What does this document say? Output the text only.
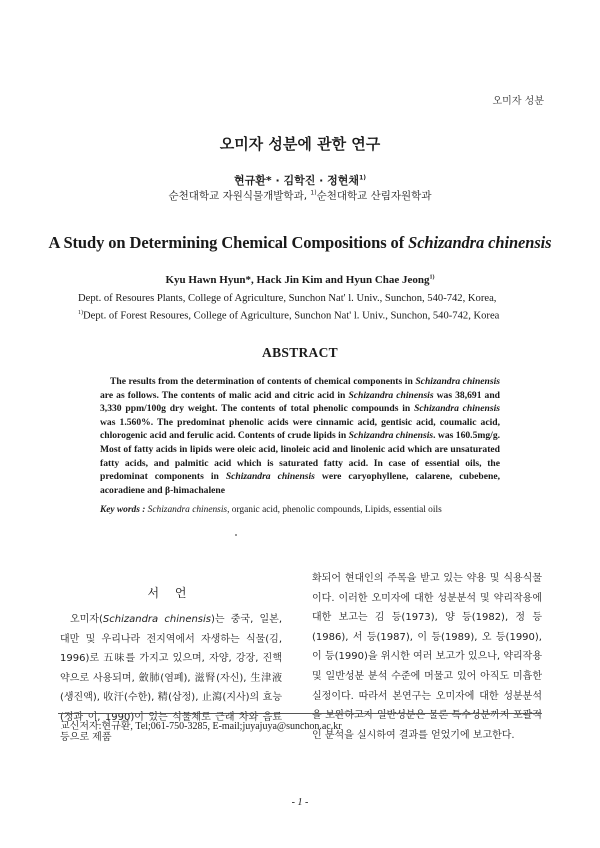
오미자 성분
오미자 성분에 관한 연구
현규환* · 김학진 · 정현채$^{1)}$
순천대학교 자원식물개발학과, $^{1)}$순천대학교 산림자원학과
A Study on Determining Chemical Compositions of Schizandra chinensis
Kyu Hawn Hyun*, Hack Jin Kim and Hyun Chae Jeong$^{1)}$
Dept. of Resoures Plants, College of Agriculture, Sunchon Nat' l. Univ., Sunchon, 540-742, Korea,
$^{1)}$Dept. of Forest Resoures, College of Agriculture, Sunchon Nat' l. Univ., Sunchon, 540-742, Korea
ABSTRACT
The results from the determination of contents of chemical components in Schizandra chinensis are as follows. The contents of malic acid and citric acid in Schizandra chinensis was 38,691 and 3,330 ppm/100g dry weight. The contents of total phenolic compounds in Schizandra chinensis was 1.560%. The predominat phenolic acids were cinnamic acid, gentisic acid, coumalic acid, chlorogenic acid and ferulic acid. Contents of crude lipids in Schizandra chinensis. was 160.5mg/g. Most of fatty acids in lipids were oleic acid, linoleic acid and linolenic acid which are unsaturated fatty acids, and palmitic acid which is saturated fatty acid. In case of essential oils, the predominat components in Schizandra chinensis were caryophyllene, calarene, cubebene, acoradiene and β-himachalene
Key words : Schizandra chinensis, organic acid, phenolic compounds, Lipids, essential oils
서 언

오미자(Schizandra chinensis)는 중국, 일본, 대만 및 우리나라 전지역에서 자생하는 식물(김, 1996)로 五味를 가지고 있으며, 자양, 강장, 진핵약으로 사용되며, 斂肺(염폐), 滋腎(자신), 生津液(생진액), 收汗(수한), 精(삽정), 止瀉(지사)의 효능(정과 이, 1990)이 있는 식물체로 근래 차와 음료 등으로 제품

화되어 현대인의 주목을 받고 있는 약용 및 식용식물이다. 이러한 오미자에 대한 성분분석 및 약리작용에 대한 보고는 김 등(1973), 양 등(1982), 정 등(1986), 서 등(1987), 이 등(1989), 오 등(1990), 이 등(1990)을 위시한 여러 보고가 있으나, 약리작용 및 일반성분 분석 수준에 머물고 있어 아직도 미흡한 실정이다. 따라서 본연구는 오미자에 대한 성분분석을 보완하고자 일반성분은 물론 특수성분까지 포괄적인 분석을 실시하여 결과를 얻었기에 보고한다.

교신저자:현규환, Tel;061-750-3285, E-mail;juyajuya@sunchon.ac.kr
- 1 -
